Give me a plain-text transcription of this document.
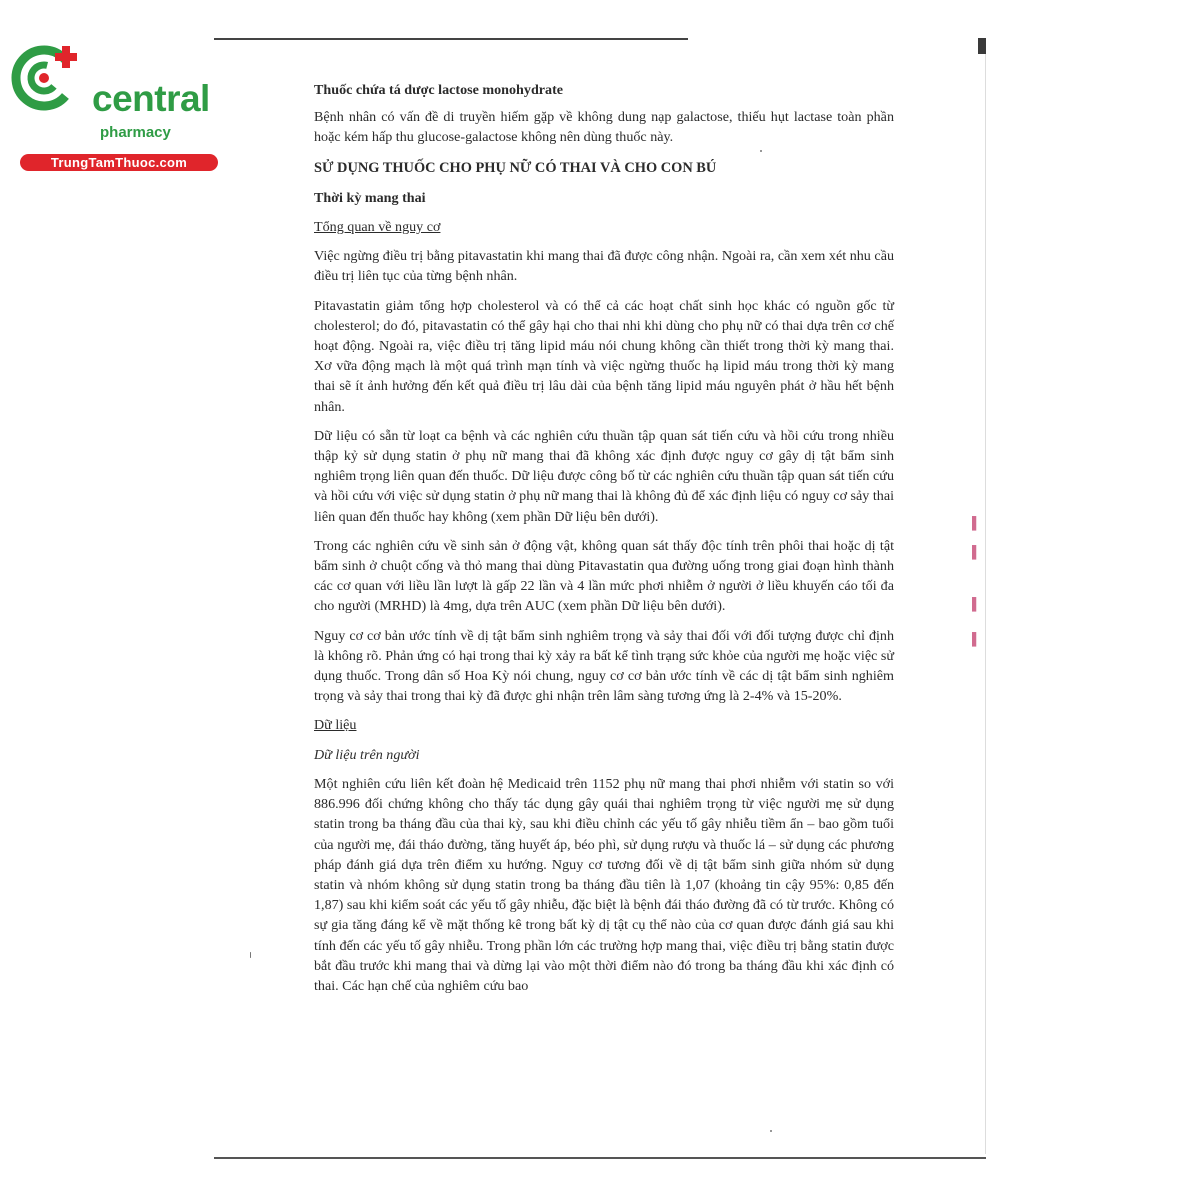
central

pharmacy

TrungTamThuoc.com
▌
▌
▌
▌

Thuốc chứa tá dược lactose monohydrate

Bệnh nhân có vấn đề di truyền hiếm gặp về không dung nạp galactose, thiếu hụt lactase toàn phần hoặc kém hấp thu glucose-galactose không nên dùng thuốc này.

SỬ DỤNG THUỐC CHO PHỤ NỮ CÓ THAI VÀ CHO CON BÚ

Thời kỳ mang thai

Tổng quan về nguy cơ

Việc ngừng điều trị bằng pitavastatin khi mang thai đã được công nhận. Ngoài ra, cần xem xét nhu cầu điều trị liên tục của từng bệnh nhân.

Pitavastatin giảm tổng hợp cholesterol và có thể cả các hoạt chất sinh học khác có nguồn gốc từ cholesterol; do đó, pitavastatin có thể gây hại cho thai nhi khi dùng cho phụ nữ có thai dựa trên cơ chế hoạt động. Ngoài ra, việc điều trị tăng lipid máu nói chung không cần thiết trong thời kỳ mang thai. Xơ vữa động mạch là một quá trình mạn tính và việc ngừng thuốc hạ lipid máu trong thời kỳ mang thai sẽ ít ảnh hưởng đến kết quả điều trị lâu dài của bệnh tăng lipid máu nguyên phát ở hầu hết bệnh nhân.

Dữ liệu có sẵn từ loạt ca bệnh và các nghiên cứu thuần tập quan sát tiến cứu và hồi cứu trong nhiều thập kỷ sử dụng statin ở phụ nữ mang thai đã không xác định được nguy cơ gây dị tật bẩm sinh nghiêm trọng liên quan đến thuốc. Dữ liệu được công bố từ các nghiên cứu thuần tập quan sát tiến cứu và hồi cứu với việc sử dụng statin ở phụ nữ mang thai là không đủ để xác định liệu có nguy cơ sảy thai liên quan đến thuốc hay không (xem phần Dữ liệu bên dưới).

Trong các nghiên cứu về sinh sản ở động vật, không quan sát thấy độc tính trên phôi thai hoặc dị tật bẩm sinh ở chuột cống và thỏ mang thai dùng Pitavastatin qua đường uống trong giai đoạn hình thành các cơ quan với liều lần lượt là gấp 22 lần và 4 lần mức phơi nhiễm ở người ở liều khuyến cáo tối đa cho người (MRHD) là 4mg, dựa trên AUC (xem phần Dữ liệu bên dưới).

Nguy cơ cơ bản ước tính về dị tật bẩm sinh nghiêm trọng và sảy thai đối với đối tượng được chỉ định là không rõ. Phản ứng có hại trong thai kỳ xảy ra bất kể tình trạng sức khỏe của người mẹ hoặc việc sử dụng thuốc. Trong dân số Hoa Kỳ nói chung, nguy cơ cơ bản ước tính về các dị tật bẩm sinh nghiêm trọng và sảy thai trong thai kỳ đã được ghi nhận trên lâm sàng tương ứng là 2-4% và 15-20%.

Dữ liệu

Dữ liệu trên người

Một nghiên cứu liên kết đoàn hệ Medicaid trên 1152 phụ nữ mang thai phơi nhiễm với statin so với 886.996 đối chứng không cho thấy tác dụng gây quái thai nghiêm trọng từ việc người mẹ sử dụng statin trong ba tháng đầu của thai kỳ, sau khi điều chỉnh các yếu tố gây nhiễu tiềm ẩn – bao gồm tuổi của người mẹ, đái tháo đường, tăng huyết áp, béo phì, sử dụng rượu và thuốc lá – sử dụng các phương pháp đánh giá dựa trên điểm xu hướng. Nguy cơ tương đối về dị tật bẩm sinh giữa nhóm sử dụng statin và nhóm không sử dụng statin trong ba tháng đầu tiên là 1,07 (khoảng tin cậy 95%: 0,85 đến 1,87) sau khi kiểm soát các yếu tố gây nhiễu, đặc biệt là bệnh đái tháo đường đã có từ trước. Không có sự gia tăng đáng kể về mặt thống kê trong bất kỳ dị tật cụ thể nào của cơ quan được đánh giá sau khi tính đến các yếu tố gây nhiễu. Trong phần lớn các trường hợp mang thai, việc điều trị bằng statin được bắt đầu trước khi mang thai và dừng lại vào một thời điểm nào đó trong ba tháng đầu khi xác định có thai. Các hạn chế của nghiêm cứu bao
